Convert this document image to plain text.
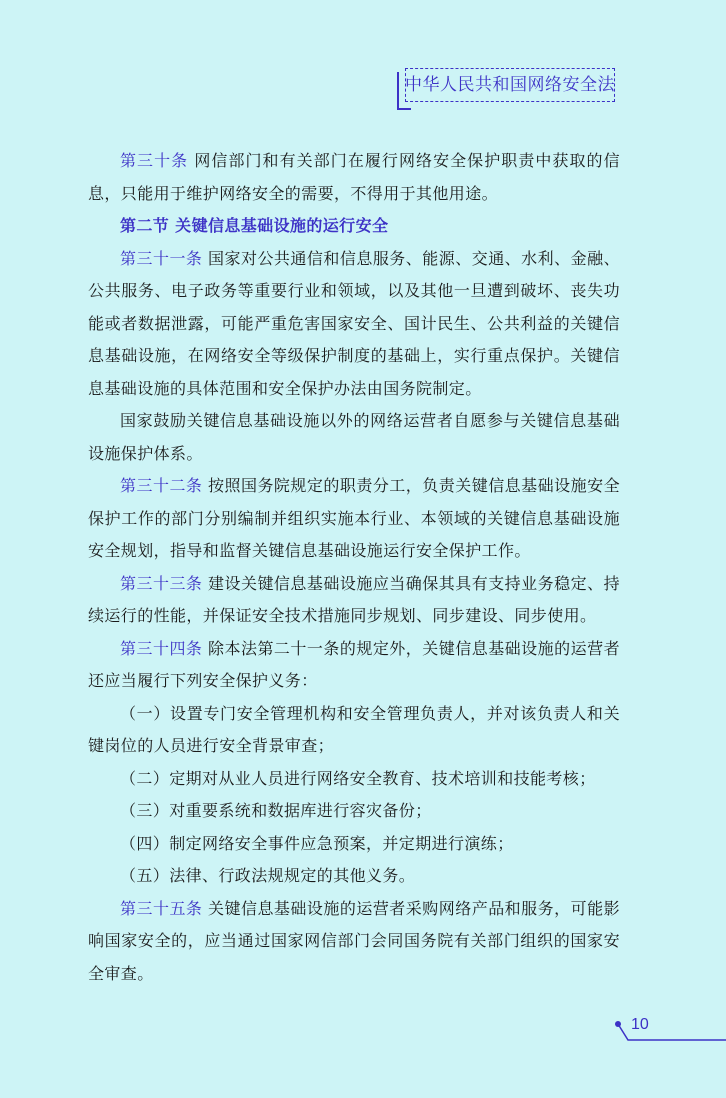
中华人民共和国网络安全法

第三十条 网信部门和有关部门在履行网络安全保护职责中获取的信息，只能用于维护网络安全的需要，不得用于其他用途。

第二节 关键信息基础设施的运行安全

第三十一条 国家对公共通信和信息服务、能源、交通、水利、金融、公共服务、电子政务等重要行业和领域，以及其他一旦遭到破坏、丧失功能或者数据泄露，可能严重危害国家安全、国计民生、公共利益的关键信息基础设施，在网络安全等级保护制度的基础上，实行重点保护。关键信息基础设施的具体范围和安全保护办法由国务院制定。

国家鼓励关键信息基础设施以外的网络运营者自愿参与关键信息基础设施保护体系。

第三十二条 按照国务院规定的职责分工，负责关键信息基础设施安全保护工作的部门分别编制并组织实施本行业、本领域的关键信息基础设施安全规划，指导和监督关键信息基础设施运行安全保护工作。

第三十三条 建设关键信息基础设施应当确保其具有支持业务稳定、持续运行的性能，并保证安全技术措施同步规划、同步建设、同步使用。

第三十四条 除本法第二十一条的规定外，关键信息基础设施的运营者还应当履行下列安全保护义务：

（一）设置专门安全管理机构和安全管理负责人，并对该负责人和关键岗位的人员进行安全背景审查；

（二）定期对从业人员进行网络安全教育、技术培训和技能考核；

（三）对重要系统和数据库进行容灾备份；

（四）制定网络安全事件应急预案，并定期进行演练；

（五）法律、行政法规规定的其他义务。

第三十五条 关键信息基础设施的运营者采购网络产品和服务，可能影响国家安全的，应当通过国家网信部门会同国务院有关部门组织的国家安全审查。

10
